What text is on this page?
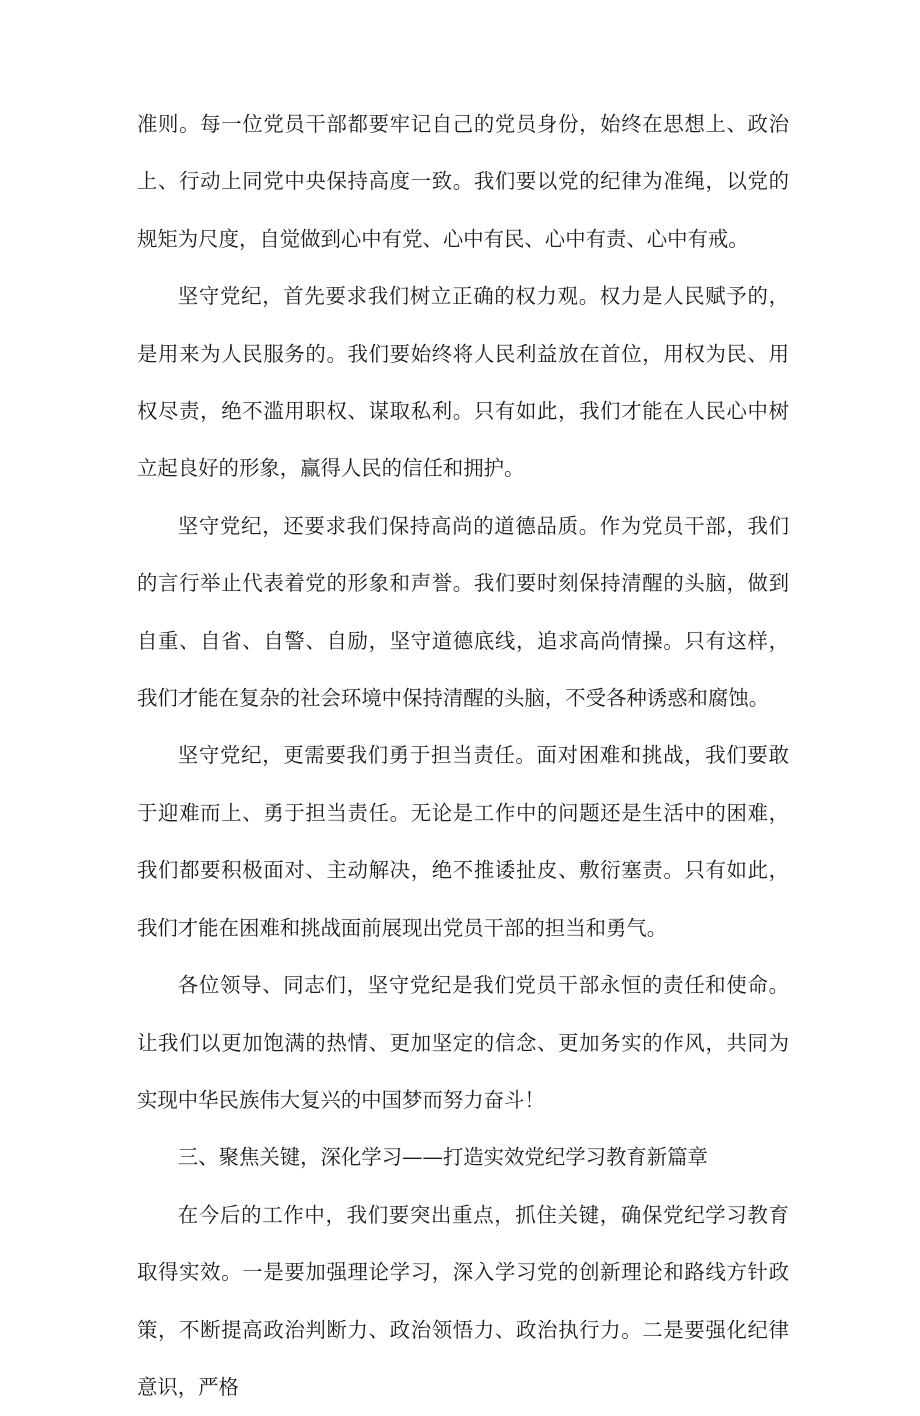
准则。每一位党员干部都要牢记自己的党员身份，始终在思想上、政治上、行动上同党中央保持高度一致。我们要以党的纪律为准绳，以党的规矩为尺度，自觉做到心中有党、心中有民、心中有责、心中有戒。

坚守党纪，首先要求我们树立正确的权力观。权力是人民赋予的，是用来为人民服务的。我们要始终将人民利益放在首位，用权为民、用权尽责，绝不滥用职权、谋取私利。只有如此，我们才能在人民心中树立起良好的形象，赢得人民的信任和拥护。

坚守党纪，还要求我们保持高尚的道德品质。作为党员干部，我们的言行举止代表着党的形象和声誉。我们要时刻保持清醒的头脑，做到自重、自省、自警、自励，坚守道德底线，追求高尚情操。只有这样，我们才能在复杂的社会环境中保持清醒的头脑，不受各种诱惑和腐蚀。

坚守党纪，更需要我们勇于担当责任。面对困难和挑战，我们要敢于迎难而上、勇于担当责任。无论是工作中的问题还是生活中的困难，我们都要积极面对、主动解决，绝不推诿扯皮、敷衍塞责。只有如此，我们才能在困难和挑战面前展现出党员干部的担当和勇气。

各位领导、同志们，坚守党纪是我们党员干部永恒的责任和使命。让我们以更加饱满的热情、更加坚定的信念、更加务实的作风，共同为实现中华民族伟大复兴的中国梦而努力奋斗！

三、聚焦关键，深化学习——打造实效党纪学习教育新篇章

在今后的工作中，我们要突出重点，抓住关键，确保党纪学习教育取得实效。一是要加强理论学习，深入学习党的创新理论和路线方针政策，不断提高政治判断力、政治领悟力、政治执行力。二是要强化纪律意识，严格
